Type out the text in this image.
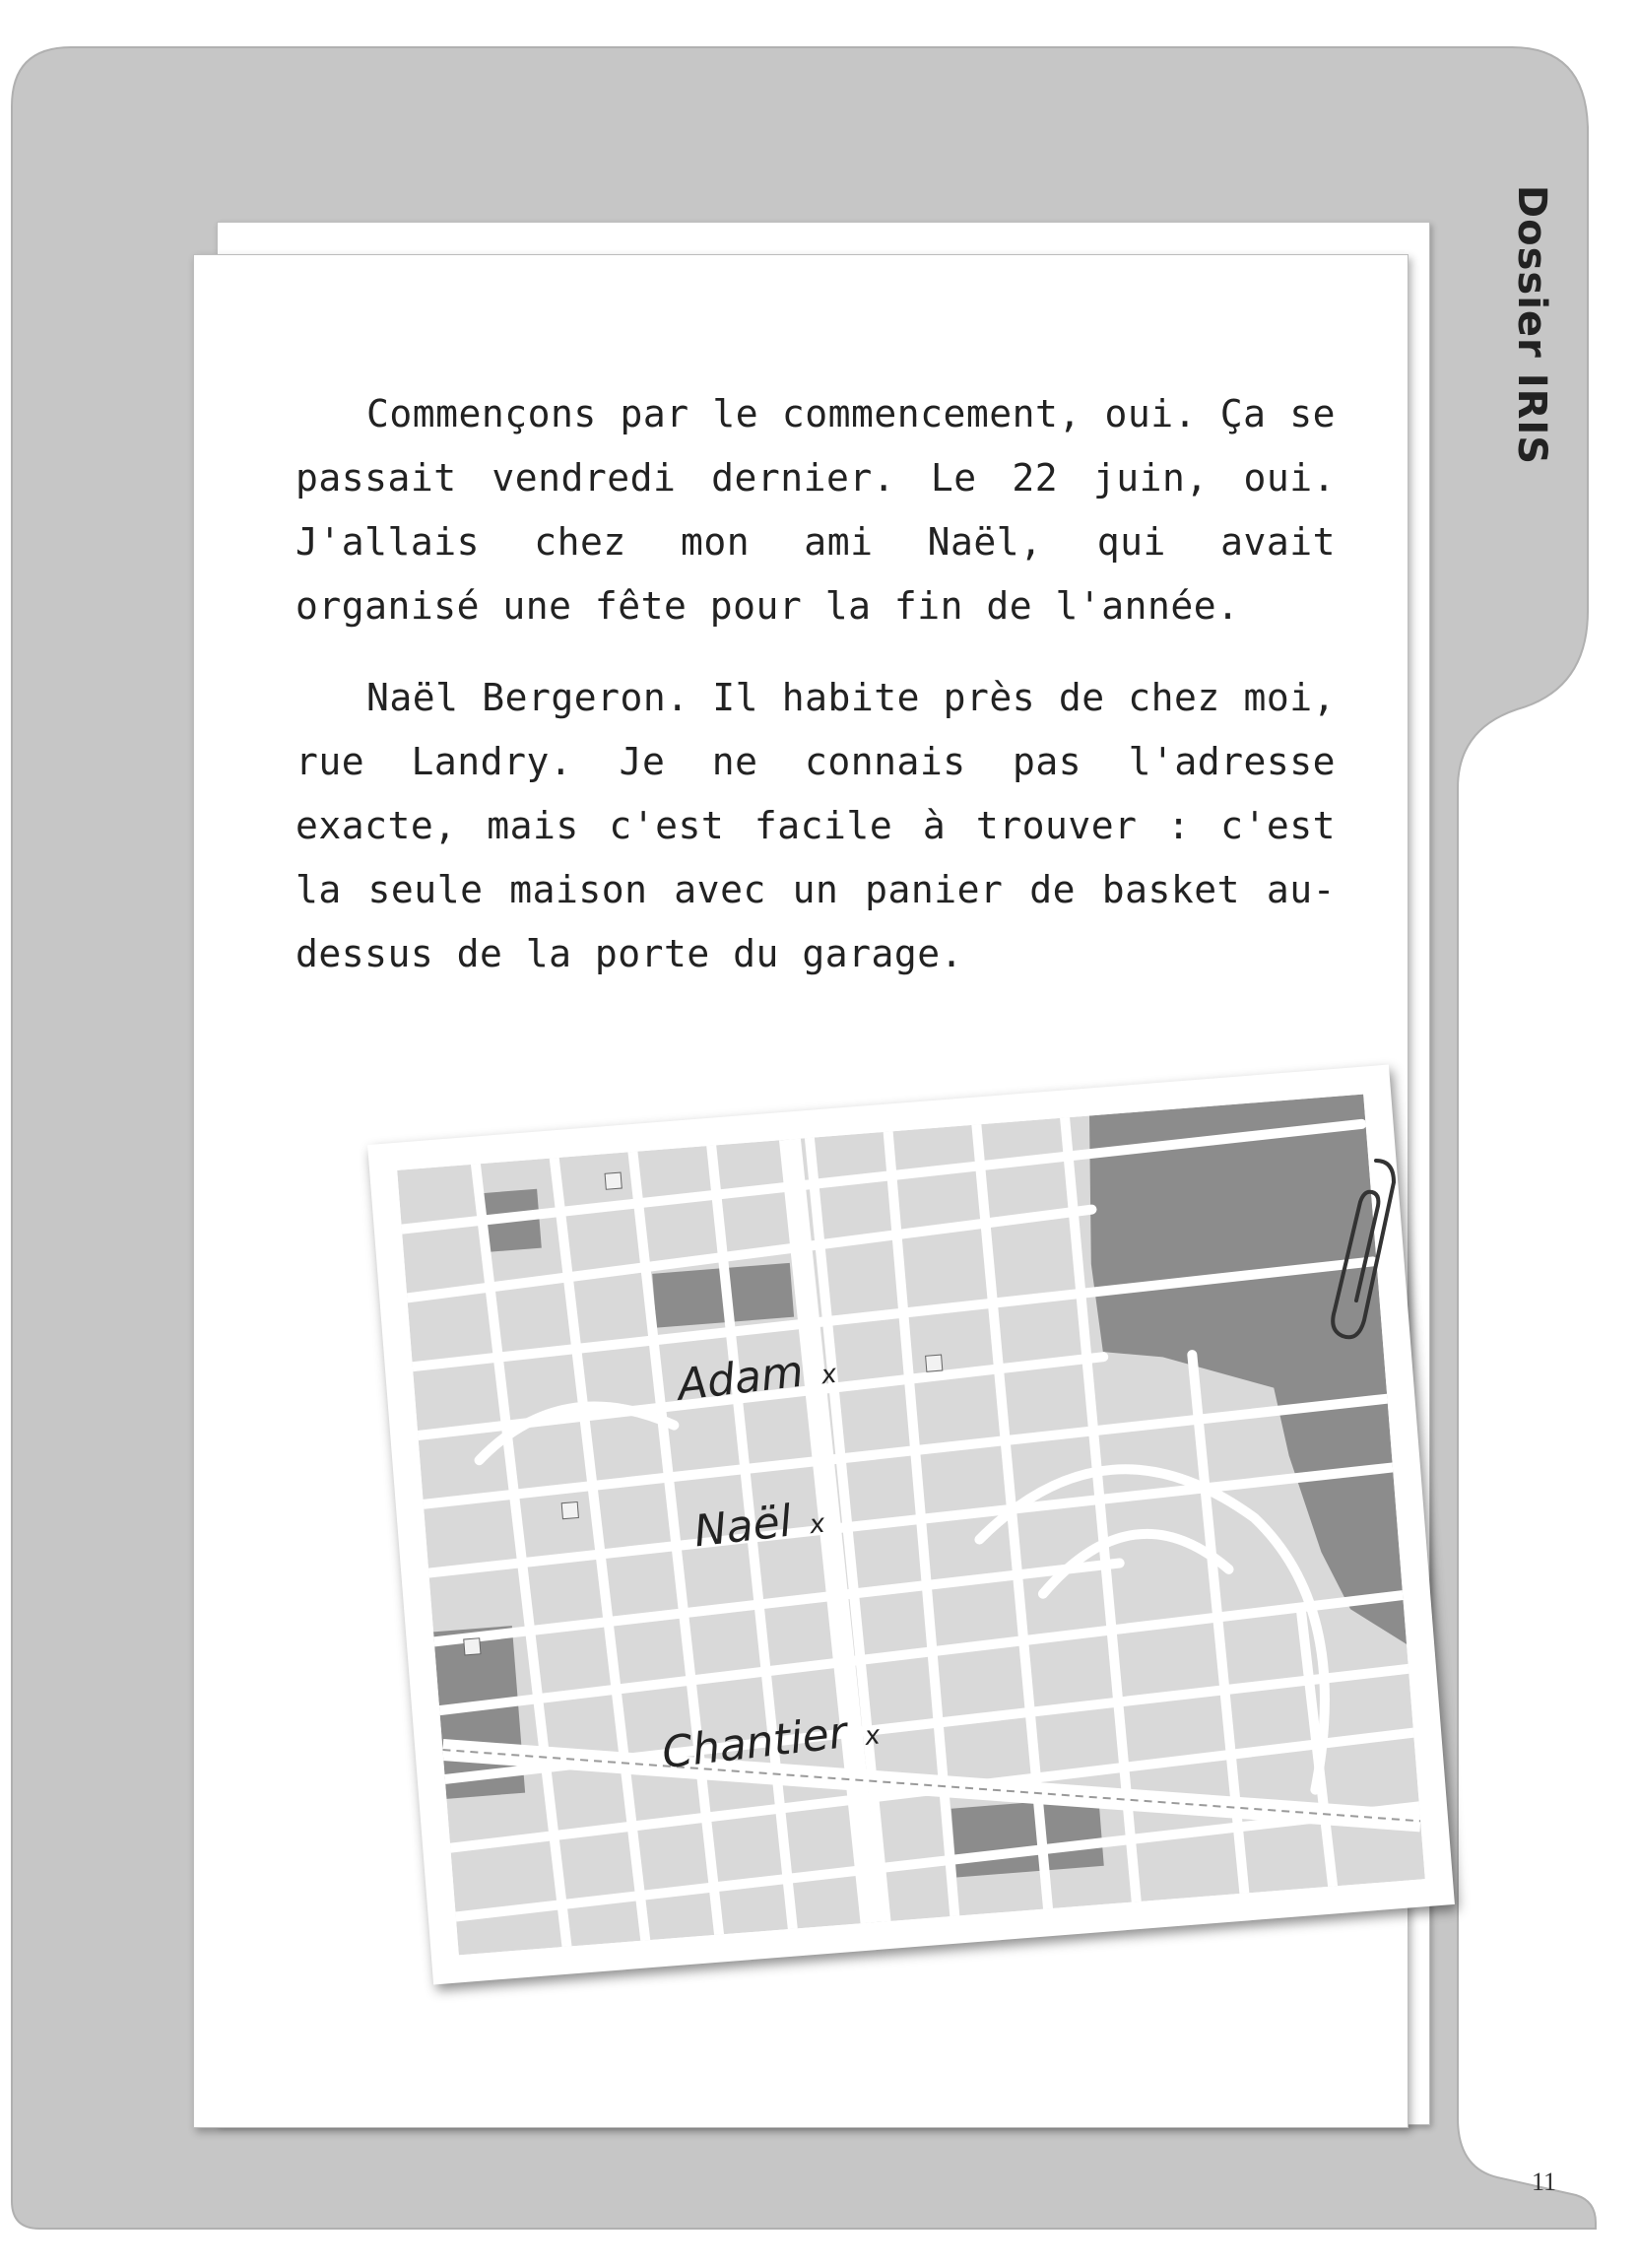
Dossier IRIS

Commençons par le commencement, oui. Ça se passait vendredi dernier. Le 22 juin, oui. J'allais chez mon ami Naël, qui avait organisé une fête pour la fin de l'année.

Naël Bergeron. Il habite près de chez moi, rue Landry. Je ne connais pas l'adresse exacte, mais c'est facile à trouver : c'est la seule maison avec un panier de basket au-dessus de la porte du garage.

Adam x
Naël x
Chantier x
11
